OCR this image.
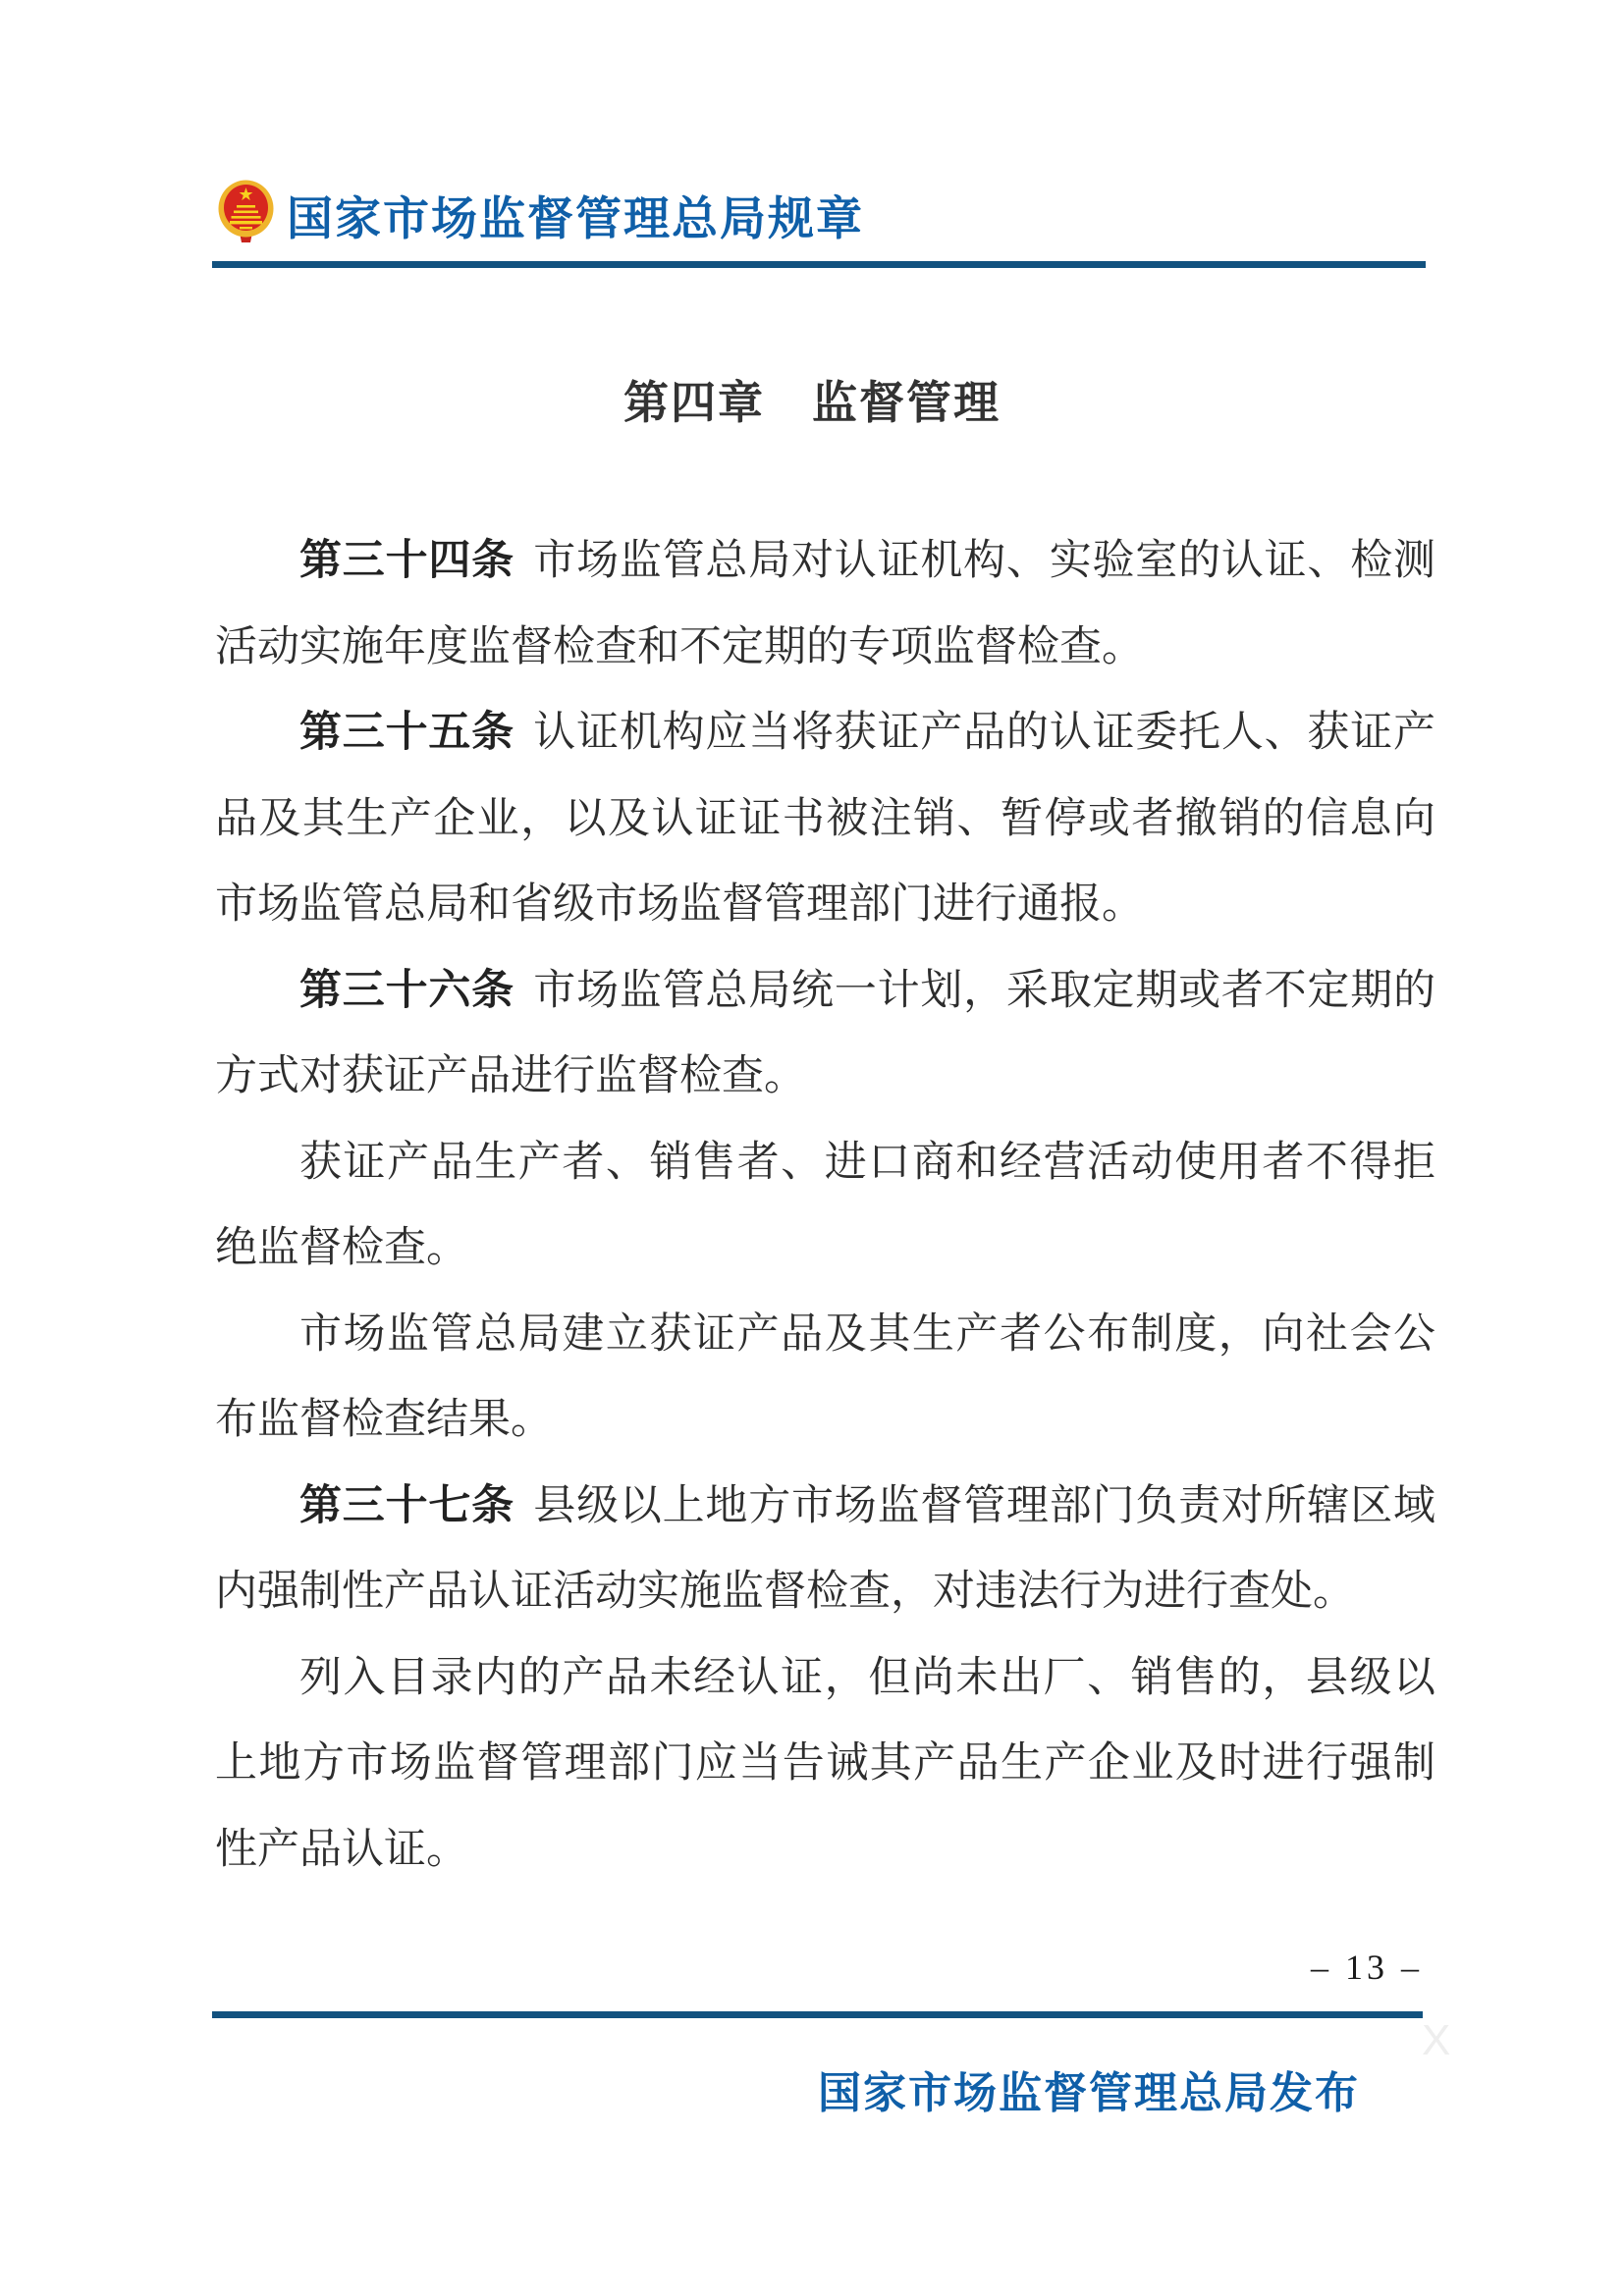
国家市场监督管理总局规章
第四章　监督管理

第三十四条 市场监管总局对认证机构、实验室的认证、检测活动实施年度监督检查和不定期的专项监督检查。

第三十五条 认证机构应当将获证产品的认证委托人、获证产品及其生产企业，以及认证证书被注销、暂停或者撤销的信息向市场监管总局和省级市场监督管理部门进行通报。

第三十六条 市场监管总局统一计划，采取定期或者不定期的方式对获证产品进行监督检查。

获证产品生产者、销售者、进口商和经营活动使用者不得拒绝监督检查。

市场监管总局建立获证产品及其生产者公布制度，向社会公布监督检查结果。

第三十七条 县级以上地方市场监督管理部门负责对所辖区域内强制性产品认证活动实施监督检查，对违法行为进行查处。

列入目录内的产品未经认证，但尚未出厂、销售的，县级以上地方市场监督管理部门应当告诫其产品生产企业及时进行强制性产品认证。

– 13 –
X
国家市场监督管理总局发布
